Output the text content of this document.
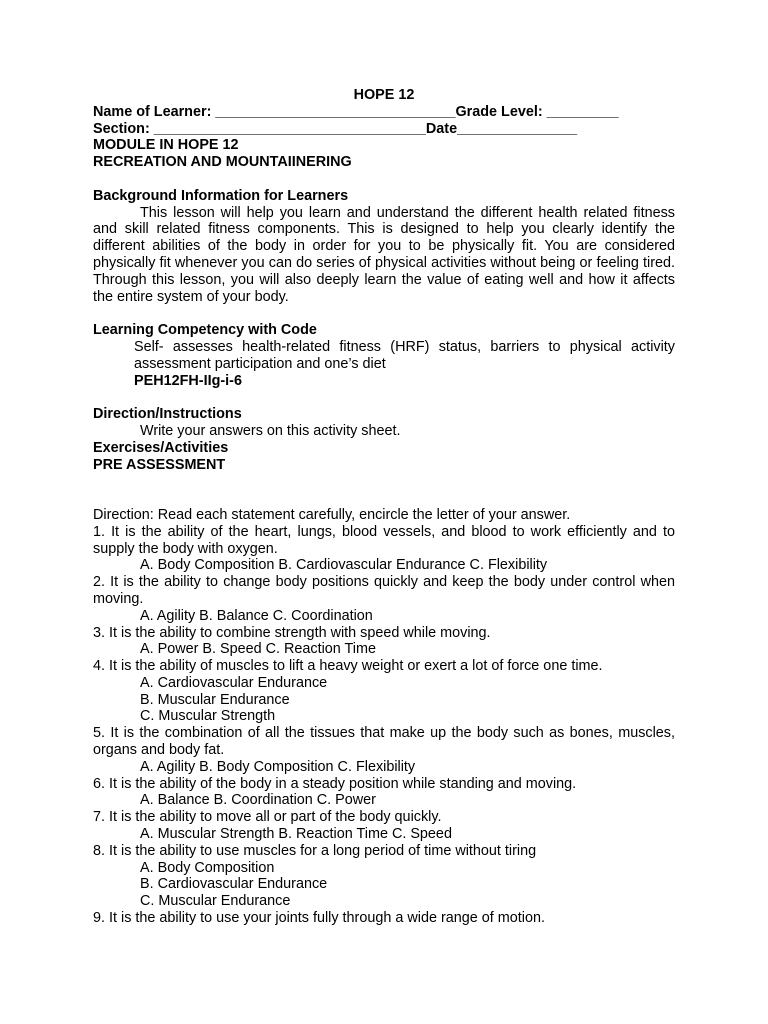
HOPE 12
Name of Learner: ______________________________Grade Level: _________
Section: __________________________________Date_______________
MODULE IN HOPE 12
RECREATION AND MOUNTAIINERING
Background Information for Learners
This lesson will help you learn and understand the different health related fitness and skill related fitness components. This is designed to help you clearly identify the different abilities of the body in order for you to be physically fit. You are considered physically fit whenever you can do series of physical activities without being or feeling tired. Through this lesson, you will also deeply learn the value of eating well and how it affects the entire system of your body.
Learning Competency with Code
Self- assesses health-related fitness (HRF) status, barriers to physical activity assessment participation and one’s diet
PEH12FH-IIg-i-6
Direction/Instructions
Write your answers on this activity sheet.
Exercises/Activities
PRE ASSESSMENT
Direction: Read each statement carefully, encircle the letter of your answer.
1. It is the ability of the heart, lungs, blood vessels, and blood to work efficiently and to supply the body with oxygen.
A. Body Composition B. Cardiovascular Endurance C. Flexibility
2. It is the ability to change body positions quickly and keep the body under control when moving.
A. Agility B. Balance C. Coordination
3. It is the ability to combine strength with speed while moving.
A. Power B. Speed C. Reaction Time
4. It is the ability of muscles to lift a heavy weight or exert a lot of force one time.
A. Cardiovascular Endurance
B. Muscular Endurance
C. Muscular Strength
5. It is the combination of all the tissues that make up the body such as bones, muscles, organs and body fat.
A. Agility B. Body Composition C. Flexibility
6. It is the ability of the body in a steady position while standing and moving.
A. Balance B. Coordination C. Power
7. It is the ability to move all or part of the body quickly.
A. Muscular Strength B. Reaction Time C. Speed
8. It is the ability to use muscles for a long period of time without tiring
A. Body Composition
B. Cardiovascular Endurance
C. Muscular Endurance
9. It is the ability to use your joints fully through a wide range of motion.
